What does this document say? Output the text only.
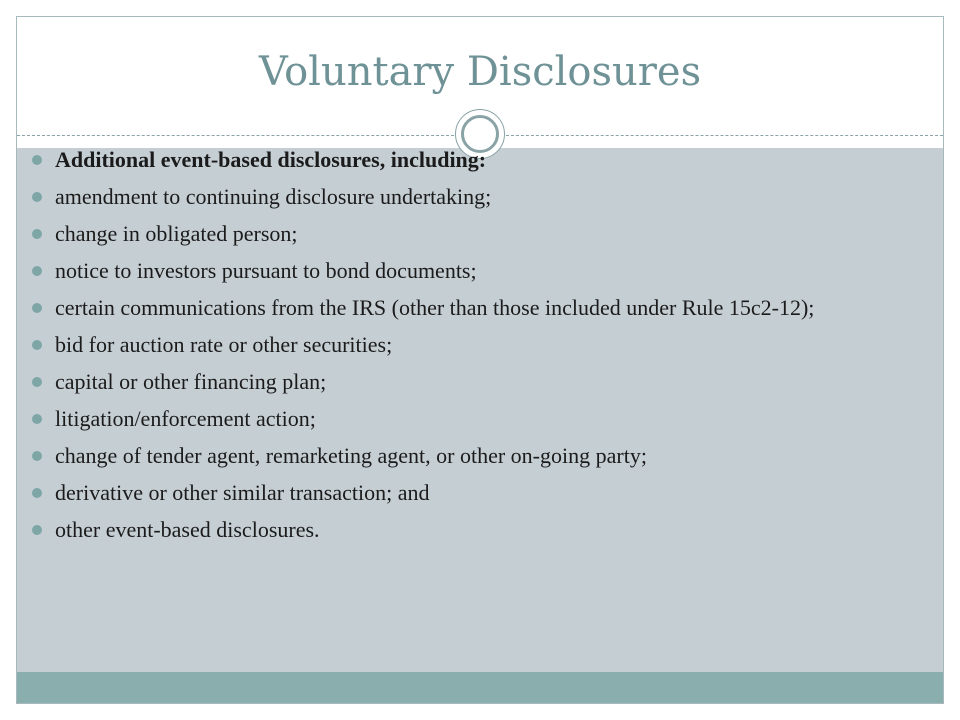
Voluntary Disclosures
Additional event-based disclosures, including:
amendment to continuing disclosure undertaking;
change in obligated person;
notice to investors pursuant to bond documents;
certain communications from the IRS (other than those included under Rule 15c2-12);
bid for auction rate or other securities;
capital or other financing plan;
litigation/enforcement action;
change of tender agent, remarketing agent, or other on-going party;
derivative or other similar transaction; and
other event-based disclosures.
